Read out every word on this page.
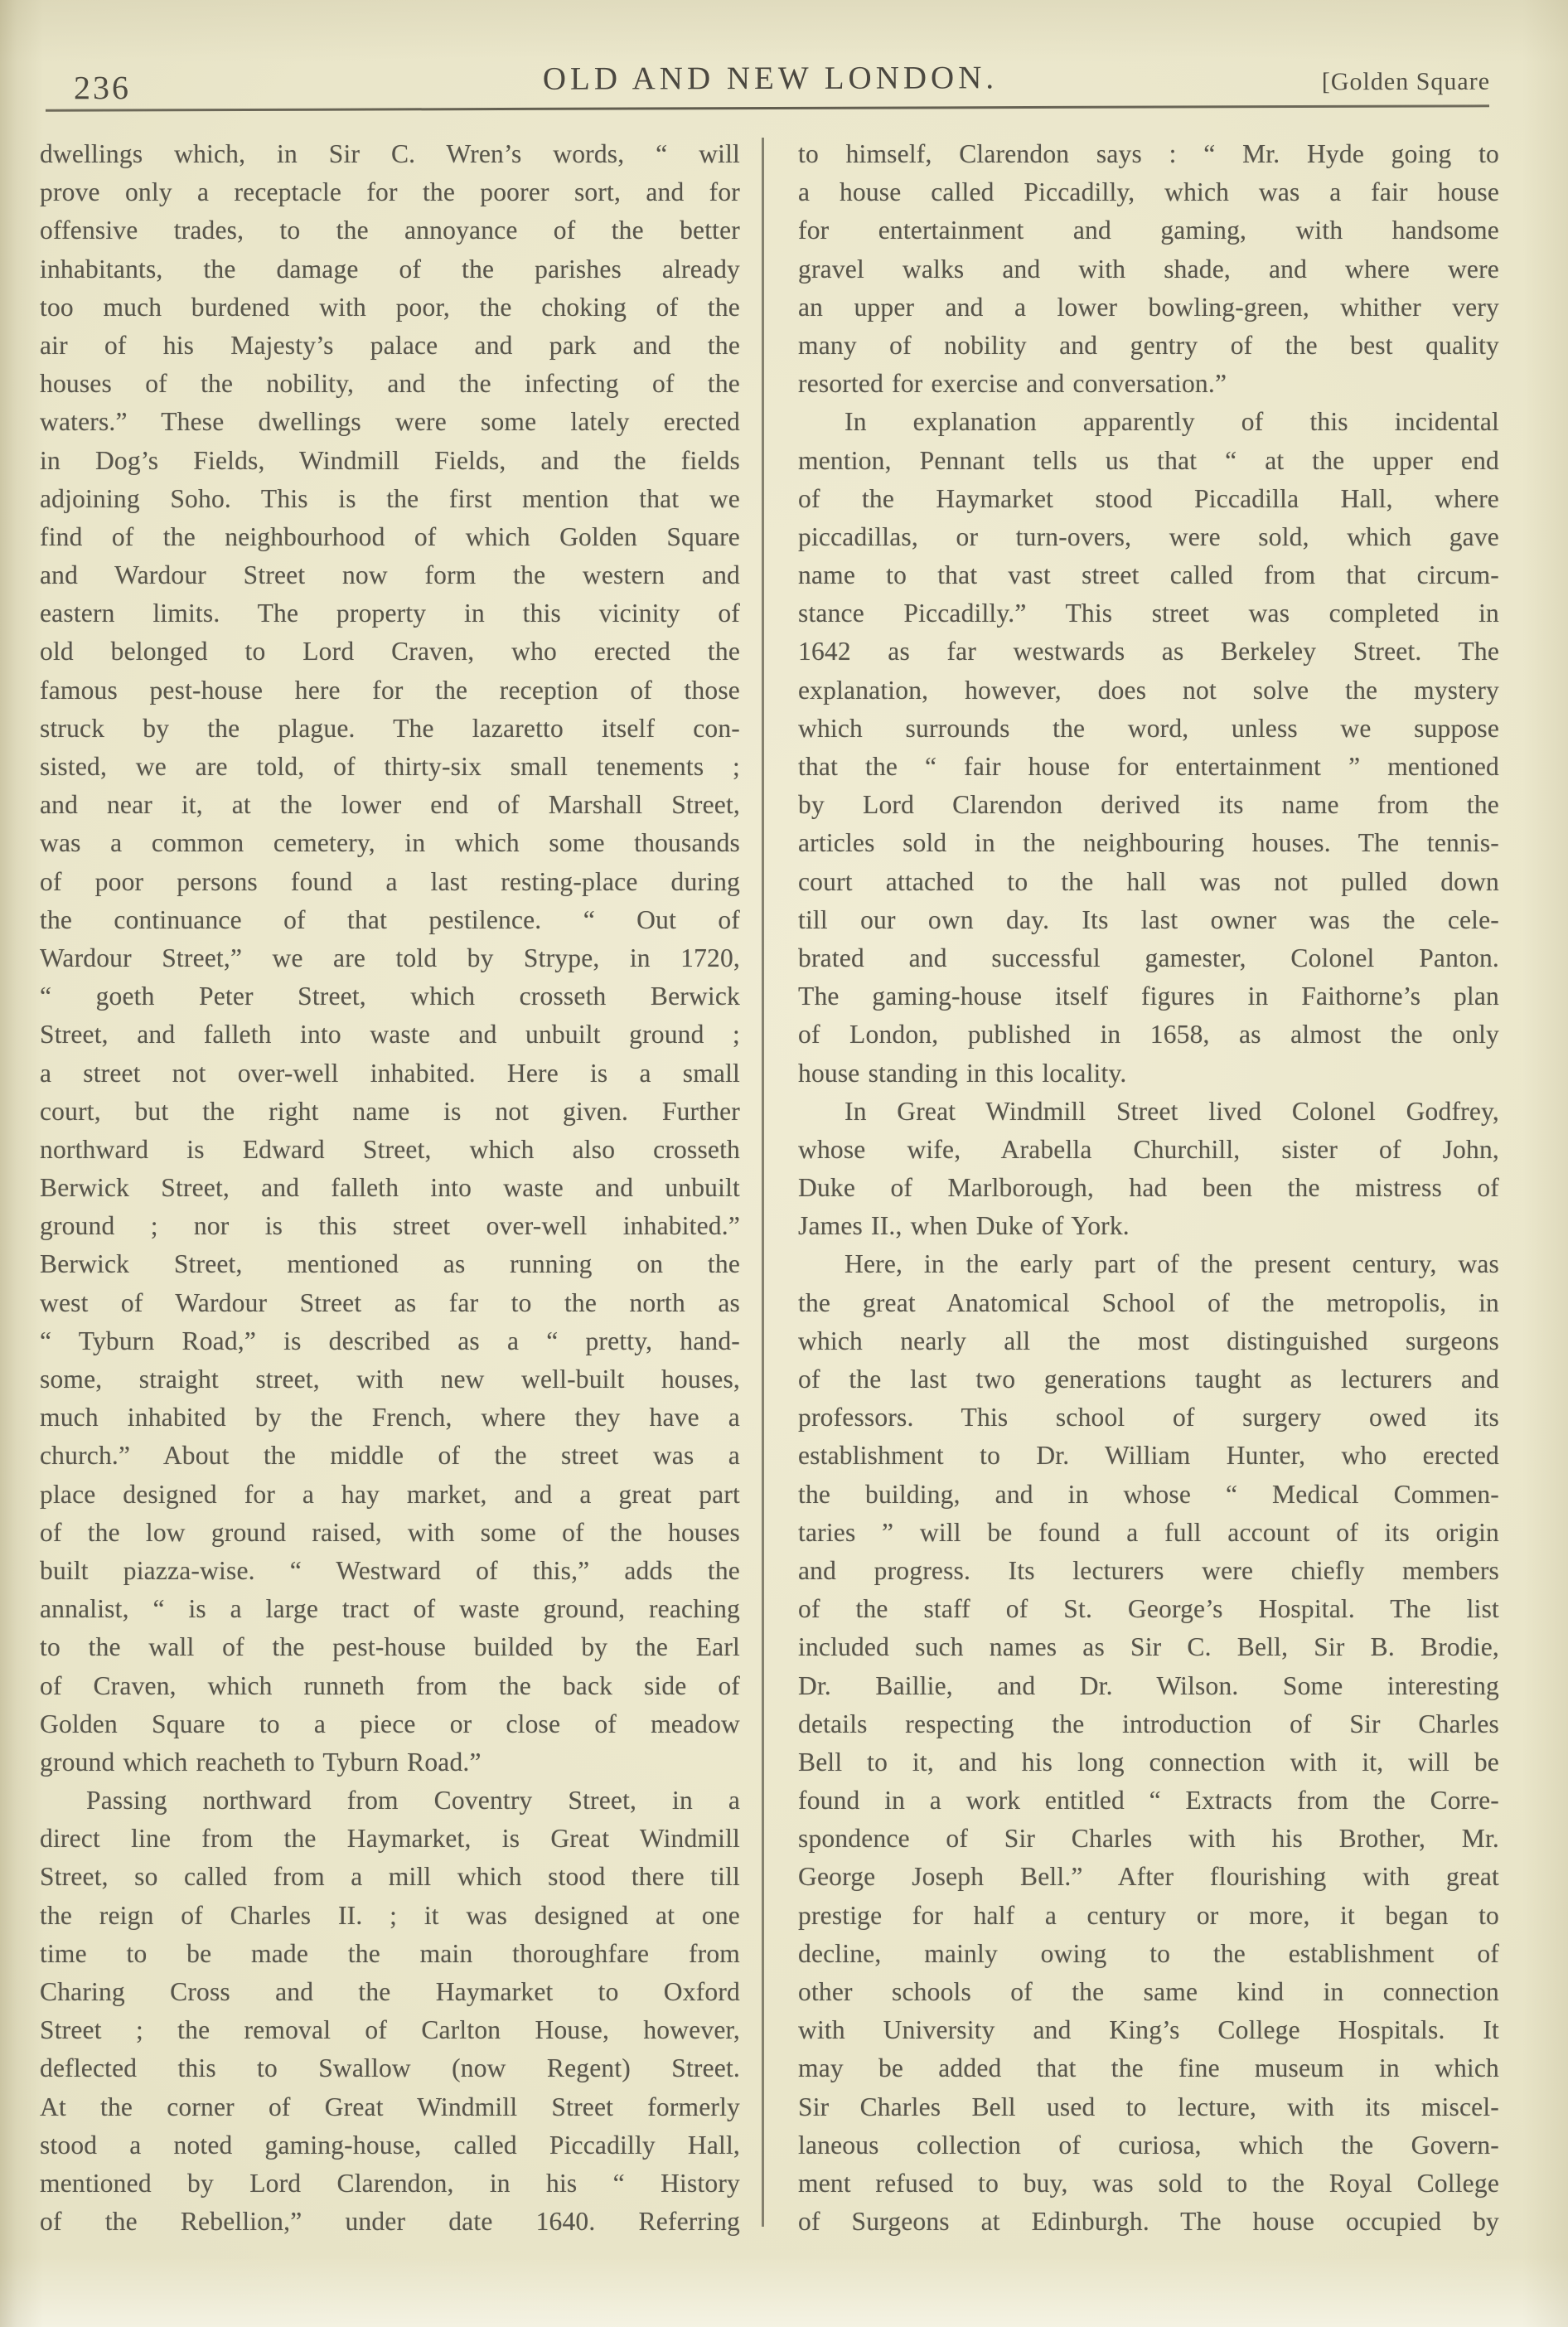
236	OLD AND NEW LONDON.	[Golden Square

dwellings which, in Sir C. Wren’s words, “ will

prove only a receptacle for the poorer sort, and for

offensive trades, to the annoyance of the better

inhabitants, the damage of the parishes already

too much burdened with poor, the choking of the

air of his Majesty’s palace and park and the

houses of the nobility, and the infecting of the

waters.” These dwellings were some lately erected

in Dog’s Fields, Windmill Fields, and the fields

adjoining Soho. This is the first mention that we

find of the neighbourhood of which Golden Square

and Wardour Street now form the western and

eastern limits. The property in this vicinity of

old belonged to Lord Craven, who erected the

famous pest-house here for the reception of those

struck by the plague. The lazaretto itself con-

sisted, we are told, of thirty-six small tenements ;

and near it, at the lower end of Marshall Street,

was a common cemetery, in which some thousands

of poor persons found a last resting-place during

the continuance of that pestilence. “ Out of

Wardour Street,” we are told by Strype, in 1720,

“ goeth Peter Street, which crosseth Berwick

Street, and falleth into waste and unbuilt ground ;

a street not over-well inhabited. Here is a small

court, but the right name is not given. Further

northward is Edward Street, which also crosseth

Berwick Street, and falleth into waste and unbuilt

ground ; nor is this street over-well inhabited.”

Berwick Street, mentioned as running on the

west of Wardour Street as far to the north as

“ Tyburn Road,” is described as a “ pretty, hand-

some, straight street, with new well-built houses,

much inhabited by the French, where they have a

church.” About the middle of the street was a

place designed for a hay market, and a great part

of the low ground raised, with some of the houses

built piazza-wise. “ Westward of this,” adds the

annalist, “ is a large tract of waste ground, reaching

to the wall of the pest-house builded by the Earl

of Craven, which runneth from the back side of

Golden Square to a piece or close of meadow

ground which reacheth to Tyburn Road.”

Passing northward from Coventry Street, in a

direct line from the Haymarket, is Great Windmill

Street, so called from a mill which stood there till

the reign of Charles II. ; it was designed at one

time to be made the main thoroughfare from

Charing Cross and the Haymarket to Oxford

Street ; the removal of Carlton House, however,

deflected this to Swallow (now Regent) Street.

At the corner of Great Windmill Street formerly

stood a noted gaming-house, called Piccadilly Hall,

mentioned by Lord Clarendon, in his “ History

of the Rebellion,” under date 1640. Referring

to himself, Clarendon says : “ Mr. Hyde going to

a house called Piccadilly, which was a fair house

for entertainment and gaming, with handsome

gravel walks and with shade, and where were

an upper and a lower bowling-green, whither very

many of nobility and gentry of the best quality

resorted for exercise and conversation.”

In explanation apparently of this incidental

mention, Pennant tells us that “ at the upper end

of the Haymarket stood Piccadilla Hall, where

piccadillas, or turn-overs, were sold, which gave

name to that vast street called from that circum-

stance Piccadilly.” This street was completed in

1642 as far westwards as Berkeley Street. The

explanation, however, does not solve the mystery

which surrounds the word, unless we suppose

that the “ fair house for entertainment ” mentioned

by Lord Clarendon derived its name from the

articles sold in the neighbouring houses. The tennis-

court attached to the hall was not pulled down

till our own day. Its last owner was the cele-

brated and successful gamester, Colonel Panton.

The gaming-house itself figures in Faithorne’s plan

of London, published in 1658, as almost the only

house standing in this locality.

In Great Windmill Street lived Colonel Godfrey,

whose wife, Arabella Churchill, sister of John,

Duke of Marlborough, had been the mistress of

James II., when Duke of York.

Here, in the early part of the present century, was

the great Anatomical School of the metropolis, in

which nearly all the most distinguished surgeons

of the last two generations taught as lecturers and

professors. This school of surgery owed its

establishment to Dr. William Hunter, who erected

the building, and in whose “ Medical Commen-

taries ” will be found a full account of its origin

and progress. Its lecturers were chiefly members

of the staff of St. George’s Hospital. The list

included such names as Sir C. Bell, Sir B. Brodie,

Dr. Baillie, and Dr. Wilson. Some interesting

details respecting the introduction of Sir Charles

Bell to it, and his long connection with it, will be

found in a work entitled “ Extracts from the Corre-

spondence of Sir Charles with his Brother, Mr.

George Joseph Bell.” After flourishing with great

prestige for half a century or more, it began to

decline, mainly owing to the establishment of

other schools of the same kind in connection

with University and King’s College Hospitals. It

may be added that the fine museum in which

Sir Charles Bell used to lecture, with its miscel-

laneous collection of curiosa, which the Govern-

ment refused to buy, was sold to the Royal College

of Surgeons at Edinburgh. The house occupied by
